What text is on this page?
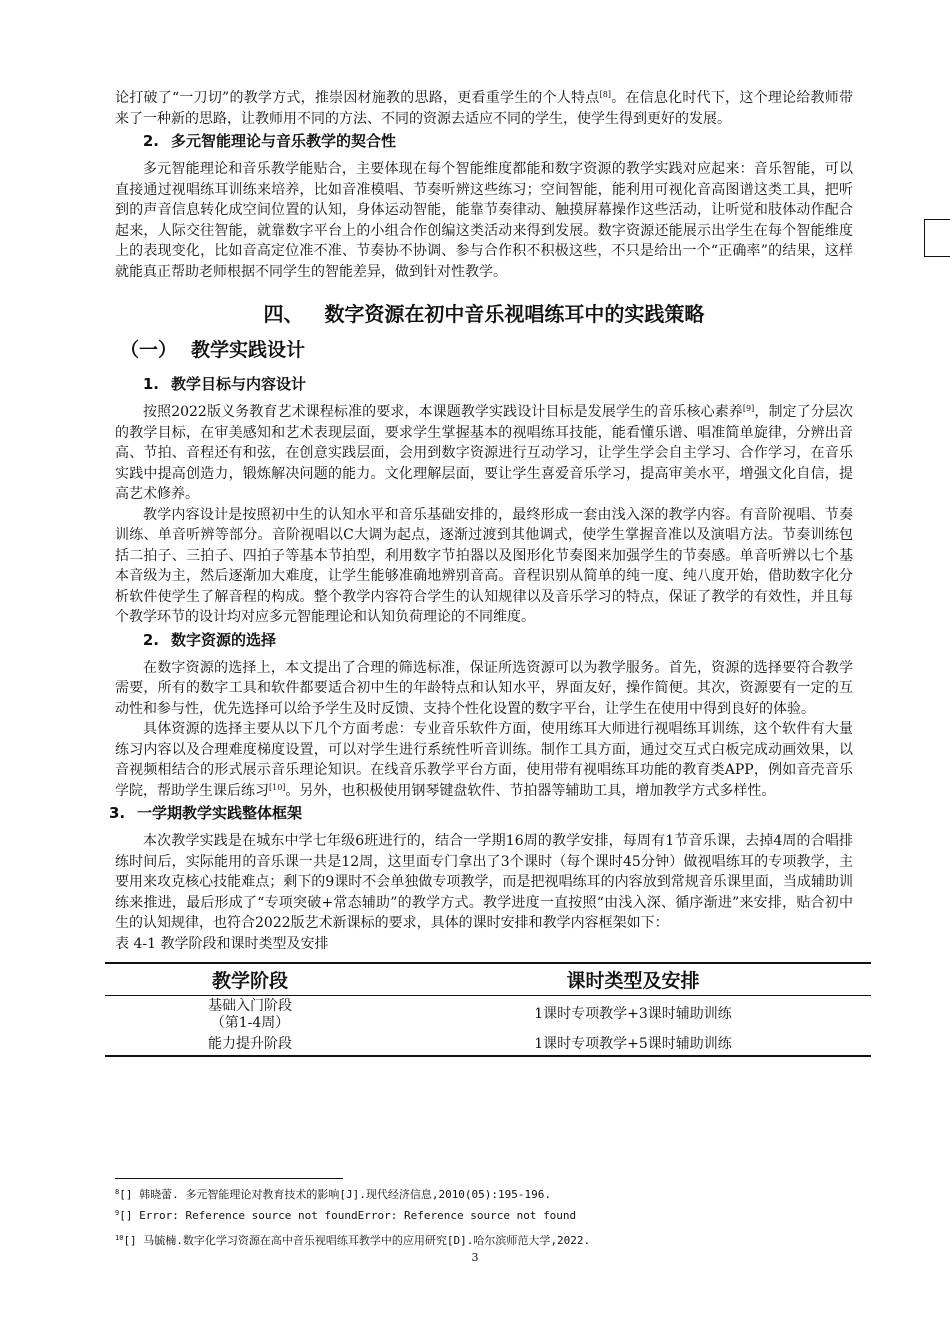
论打破了“一刀切”的教学方式，推崇因材施教的思路，更看重学生的个人特点[8]。在信息化时代下，这个理论给教师带来了一种新的思路，让教师用不同的方法、不同的资源去适应不同的学生，使学生得到更好的发展。

2. 多元智能理论与音乐教学的契合性

多元智能理论和音乐教学能贴合，主要体现在每个智能维度都能和数字资源的教学实践对应起来：音乐智能，可以直接通过视唱练耳训练来培养，比如音准模唱、节奏听辨这些练习；空间智能，能利用可视化音高图谱这类工具，把听到的声音信息转化成空间位置的认知，身体运动智能，能靠节奏律动、触摸屏幕操作这些活动，让听觉和肢体动作配合起来，人际交往智能，就靠数字平台上的小组合作创编这类活动来得到发展。数字资源还能展示出学生在每个智能维度上的表现变化，比如音高定位准不准、节奏协不协调、参与合作积不积极这些，不只是给出一个“正确率”的结果，这样就能真正帮助老师根据不同学生的智能差异，做到针对性教学。

四、 数字资源在初中音乐视唱练耳中的实践策略
（一） 教学实践设计
1. 教学目标与内容设计

按照2022版义务教育艺术课程标准的要求，本课题教学实践设计目标是发展学生的音乐核心素养[9]，制定了分层次的教学目标，在审美感知和艺术表现层面，要求学生掌握基本的视唱练耳技能，能看懂乐谱、唱准简单旋律，分辨出音高、节拍、音程还有和弦，在创意实践层面，会用到数字资源进行互动学习，让学生学会自主学习、合作学习，在音乐实践中提高创造力，锻炼解决问题的能力。文化理解层面，要让学生喜爱音乐学习，提高审美水平，增强文化自信，提高艺术修养。

教学内容设计是按照初中生的认知水平和音乐基础安排的，最终形成一套由浅入深的教学内容。有音阶视唱、节奏训练、单音听辨等部分。音阶视唱以C大调为起点，逐渐过渡到其他调式，使学生掌握音准以及演唱方法。节奏训练包括二拍子、三拍子、四拍子等基本节拍型，利用数字节拍器以及图形化节奏图来加强学生的节奏感。单音听辨以七个基本音级为主，然后逐渐加大难度，让学生能够准确地辨别音高。音程识别从简单的纯一度、纯八度开始，借助数字化分析软件使学生了解音程的构成。整个教学内容符合学生的认知规律以及音乐学习的特点，保证了教学的有效性，并且每个教学环节的设计均对应多元智能理论和认知负荷理论的不同维度。

2. 数字资源的选择

在数字资源的选择上，本文提出了合理的筛选标准，保证所选资源可以为教学服务。首先，资源的选择要符合教学需要，所有的数字工具和软件都要适合初中生的年龄特点和认知水平，界面友好，操作简便。其次，资源要有一定的互动性和参与性，优先选择可以给予学生及时反馈、支持个性化设置的数字平台，让学生在使用中得到良好的体验。

具体资源的选择主要从以下几个方面考虑：专业音乐软件方面，使用练耳大师进行视唱练耳训练，这个软件有大量练习内容以及合理难度梯度设置，可以对学生进行系统性听音训练。制作工具方面，通过交互式白板完成动画效果，以音视频相结合的形式展示音乐理论知识。在线音乐教学平台方面，使用带有视唱练耳功能的教育类APP，例如音壳音乐学院，帮助学生课后练习[10]。另外，也积极使用钢琴键盘软件、节拍器等辅助工具，增加教学方式多样性。

3. 一学期教学实践整体框架

本次教学实践是在城东中学七年级6班进行的，结合一学期16周的教学安排，每周有1节音乐课，去掉4周的合唱排练时间后，实际能用的音乐课一共是12周，这里面专门拿出了3个课时（每个课时45分钟）做视唱练耳的专项教学，主要用来攻克核心技能难点；剩下的9课时不会单独做专项教学，而是把视唱练耳的内容放到常规音乐课里面，当成辅助训练来推进，最后形成了“专项突破+常态辅助”的教学方式。教学进度一直按照“由浅入深、循序渐进”来安排，贴合初中生的认知规律，也符合2022版艺术新课标的要求，具体的课时安排和教学内容框架如下：

表 4-1 教学阶段和课时类型及安排

教学阶段	课时类型及安排

基础入门阶段
（第1-4周）	1课时专项教学+3课时辅助训练

能力提升阶段	1课时专项教学+5课时辅助训练

$^8$[] 韩晓蕾. 多元智能理论对教育技术的影响[J].现代经济信息,2010(05):195-196.

$^9$[] Error: Reference source not foundError: Reference source not found

$^{10}$[] 马毓楠.数字化学习资源在高中音乐视唱练耳教学中的应用研究[D].哈尔滨师范大学,2022.

3
